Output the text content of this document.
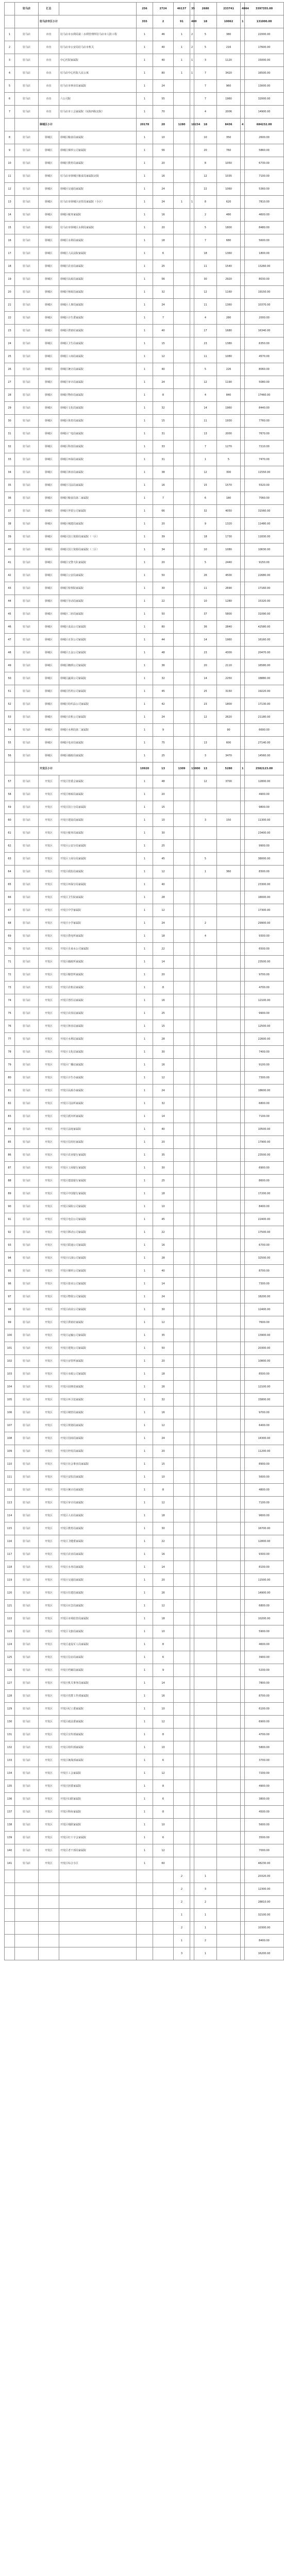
	驻马店	汇总		256	2724	46137	35	2680	233741	4864	3397355.00
		驻马店市区小计		355	2	91	400	18	10062	1	131000.00
1	驻马店	市直	驻马店市水利局第二水利管理所驻马店市人防工程	1	46	1	2	5	380		22000.00
2	驻马店	市直	驻马店市公安局驻马店市机关	1	40	1	2	5	216		17600.00
3	驻马店	市直	中心医院家属院	1	40	1	1	3	1120		15000.00
4	驻马店	市直	驻马店中心医院人民公寓	1	80	1	1	7	3420		16500.00
5	驻马店	市直	驻马店市林业局家属院	1	24			7	960		13000.00
6	驻马店	市直	六公司院	1	55			7	1960		32000.00
7	驻马店	市直	驻马店市工会家属院（东院西院北院）	1	70			4	2006		14900.00
		驿城区小计		20178	20	1280	10234	18	8436	4	684232.00
8	驻马店	驿城区	驿城区粮食局家属院	1	10			10	350		2600.00
9	驻马店	驿城区	驿城区烟草公司家属院	1	56			20	760		5860.00
10	驻马店	驿城区	驿城区教育局家属院	1	20			8	1050		6730.00
11	驻马店	驿城区	驻马店市驿城区粮食局家属院北院	1	16			12	1035		7100.00
12	驻马店	驿城区	驿城区交通局家属院	1	24			22	1060		5360.00
13	驻马店	驿城区	驻马店市驿城区房管局家属院（小区）	1	24	1	1	8	620		7810.00
14	驻马店	驿城区	驿城区税务家属院	1	16			2	480		4600.00
15	驻马店	驿城区	驻马店市驿城区水利局家属院	1	20			5	1800		8480.00
16	驻马店	驿城区	驿城区水利局家属院	1	18			7	680		5600.00
17	驻马店	驿城区	驿城区人民法院家属院	1	6			18	1360		1800.00
18	驻马店	驿城区	驿城区农业局家属院	1	25			11	1540		13260.00
19	驻马店	驿城区	驿城区民政局家属院	1	56			30	2920		8030.00
20	驻马店	驿城区	驿城区财政局家属院	1	32			12	1160		19150.00
21	驻马店	驿城区	驿城区人事局家属院	1	24			11	1360		10370.00
22	驻马店	驿城区	驿城区计生委家属院	1	7			4	280		2000.00
23	驻马店	驿城区	驿城区供销社家属院	1	40			17	1680		16340.00
24	驻马店	驿城区	驿城区卫生局家属院	1	15			23	1380		6350.00
25	驻马店	驿城区	驿城区工商局家属院	1	12			11	1080		4570.00
26	驻马店	驿城区	驿城区统计局家属院	1	40			5	226		8060.00
27	驻马店	驿城区	驿城区审计局家属院	1	24			12	1190		5080.00
28	驻马店	驿城区	驿城区物价局家属院	1	8			4	840		17460.00
29	驻马店	驿城区	驿城区文化局家属院	1	32			14	1960		8440.00
30	驻马店	驿城区	驿城区体育局家属院	1	15			11	1930		7760.00
31	驻马店	驿城区	驿城区广电局家属院	1	31			13	2000		7670.00
32	驻马店	驿城区	驿城区科技局家属院	1	33			7	1270		7210.00
33	驻马店	驿城区	驿城区环保局家属院	1	31			1	5		7470.00
34	驻马店	驿城区	驿城区林业局家属院	1	38			12	300		11550.00
35	驻马店	驿城区	驿城区司法局家属院	1	16			15	1570		5520.00
36	驻马店	驿城区	驿城区粮食局第二家属院	1	7			6	180		7060.00
37	驻马店	驿城区	驿城区外贸公司家属院	1	66			32	4050		31560.00
38	驻马店	驿城区	驿城区城建局家属院	1	20			9	1320		11480.00
39	驻马店	驿城区	驿城区国土资源局家属院（一区）	1	39			18	1730		11830.00
40	驻马店	驿城区	驿城区国土资源局家属院（二区）	1	34			10	1080		10630.00
41	驻马店	驿城区	驿城区交警大队家属院	1	20			5	2440		9150.00
42	驻马店	驿城区	驿城区公安局家属院	1	50			26	4500		22680.00
43	驻马店	驿城区	驿城区检察院家属院	1	30			11	2690		17160.00
44	驻马店	驿城区	驿城区劳动局家属院	1	22			10	1280		15320.00
45	驻马店	驿城区	驿城区二轻局家属院	1	50			37	5800		31090.00
46	驻马店	驿城区	驿城区食品公司家属院	1	80			36	2840		42580.00
47	驻马店	驿城区	驿城区百货公司家属院	1	44			14	1960		16160.00
48	驻马店	驿城区	驿城区五金公司家属院	1	48			23	4300		20470.00
49	驻马店	驿城区	驿城区糖酒公司家属院	1	36			20	2110		16580.00
50	驻马店	驿城区	驿城区蔬菜公司家属院	1	32			14	2250		18880.00
51	驻马店	驿城区	驿城区医药公司家属院	1	45			25	3150		19220.00
52	驻马店	驿城区	驿城区纺织品公司家属院	1	42			23	1800		17130.00
53	驻马店	驿城区	驿城区农机公司家属院	1	24			12	2620		21180.00
54	驻马店	驿城区	驿城区水利局第二家属院	1	9				90		6690.00
55	驻马店	驿城区	驿城区电业局家属院	1	75			13	600		27140.00
56	驻马店	驿城区	驿城区邮政局家属院	1	25			3	3470		14560.00
		开发区小计		19920	13	1309	13000	13	5280	1	2582123.00
57	驻马店	开发区	开发区管委会家属院	1	48			12	3700		12800.00
58	驻马店	开发区	开发区财政局家属院	1	20						4900.00
59	驻马店	开发区	开发区国土分局家属院	1	15						9800.00
60	驻马店	开发区	开发区建设局家属院	1	10			3	150		11300.00
61	驻马店	开发区	开发区税务局家属院	1	30						23400.00
62	驻马店	开发区	开发区公安分局家属院	1	25						9900.00
63	驻马店	开发区	开发区工商分局家属院	1	45			5			38000.00
64	驻马店	开发区	开发区质监局家属院	1	12			1	360		8300.00
65	驻马店	开发区	开发区环保分局家属院	1	40						23300.00
66	驻马店	开发区	开发区卫生院家属院	1	28						18000.00
67	驻马店	开发区	开发区中学家属院	1	12						17300.00
68	驻马店	开发区	开发区小学家属院	1	24			2			29900.00
69	驻马店	开发区	开发区供电所家属院	1	18			4			9300.00
70	驻马店	开发区	开发区自来水公司家属院	1	22						6500.00
71	驻马店	开发区	开发区邮政所家属院	1	14						23500.00
72	驻马店	开发区	开发区粮管所家属院	1	20						9700.00
73	驻马店	开发区	开发区农机站家属院	1	8						4700.00
74	驻马店	开发区	开发区兽医站家属院	1	16						12100.00
75	驻马店	开发区	开发区农技站家属院	1	25						9900.00
76	驻马店	开发区	开发区林业站家属院	1	15						12500.00
77	驻马店	开发区	开发区水利站家属院	1	28						22600.00
78	驻马店	开发区	开发区文化站家属院	1	30						7400.00
79	驻马店	开发区	开发区广播站家属院	1	16						9100.00
80	驻马店	开发区	开发区计生办家属院	1	12						7300.00
81	驻马店	开发区	开发区民政办家属院	1	24						18600.00
82	驻马店	开发区	开发区司法所家属院	1	32						6800.00
83	驻马店	开发区	开发区派出所家属院	1	14						7100.00
84	驻马店	开发区	开发区法庭家属院	1	40						10500.00
85	驻马店	开发区	开发区信用社家属院	1	20						17900.00
86	驻马店	开发区	开发区农业银行家属院	1	35						23500.00
87	驻马店	开发区	开发区工商银行家属院	1	30						6900.00
88	驻马店	开发区	开发区建设银行家属院	1	25						8600.00
89	驻马店	开发区	开发区中国银行家属院	1	18						17200.00
90	驻马店	开发区	开发区保险公司家属院	1	10						8400.00
91	驻马店	开发区	开发区电信公司家属院	1	45						22400.00
92	驻马店	开发区	开发区移动公司家属院	1	22						17500.00
93	驻马店	开发区	开发区联通公司家属院	1	16						6700.00
94	驻马店	开发区	开发区石油公司家属院	1	28						32500.00
95	驻马店	开发区	开发区烟草公司家属院	1	40						8700.00
96	驻马店	开发区	开发区盐业公司家属院	1	14						7300.00
97	驻马店	开发区	开发区物资公司家属院	1	24						18200.00
98	驻马店	开发区	开发区商业公司家属院	1	30						12400.00
99	驻马店	开发区	开发区供销社家属院	1	12						7600.00
100	驻马店	开发区	开发区运输公司家属院	1	35						13900.00
101	驻马店	开发区	开发区建筑公司家属院	1	50						20300.00
102	驻马店	开发区	开发区房管所家属院	1	20						10800.00
103	驻马店	开发区	开发区市政公司家属院	1	18						8500.00
104	驻马店	开发区	开发区园林处家属院	1	26						12100.00
105	驻马店	开发区	开发区环卫处家属院	1	32						15800.00
106	驻马店	开发区	开发区城管局家属院	1	16						9700.00
107	驻马店	开发区	开发区规划局家属院	1	12						6400.00
108	驻马店	开发区	开发区招商局家属院	1	24						14300.00
109	驻马店	开发区	开发区经发局家属院	1	20						11200.00
110	驻马店	开发区	开发区社会事业局家属院	1	15						8900.00
111	驻马店	开发区	开发区安监局家属院	1	10						5600.00
112	驻马店	开发区	开发区统计局家属院	1	8						4800.00
113	驻马店	开发区	开发区审计局家属院	1	12						7100.00
114	驻马店	开发区	开发区人社局家属院	1	18						9600.00
115	驻马店	开发区	开发区教育局家属院	1	30						16700.00
116	驻马店	开发区	开发区卫健委家属院	1	22						12800.00
117	驻马店	开发区	开发区农业局家属院	1	16						9300.00
118	驻马店	开发区	开发区水务局家属院	1	14						8100.00
119	驻马店	开发区	开发区交通局家属院	1	20						11500.00
120	驻马店	开发区	开发区住建局家属院	1	26						14900.00
121	驻马店	开发区	开发区应急局家属院	1	12						6800.00
122	驻马店	开发区	开发区市场监管局家属院	1	18						10200.00
123	驻马店	开发区	开发区文旅局家属院	1	10						5900.00
124	驻马店	开发区	开发区退役军人局家属院	1	8						4600.00
125	驻马店	开发区	开发区信访局家属院	1	6						3900.00
126	驻马店	开发区	开发区档案局家属院	1	9						5200.00
127	驻马店	开发区	开发区机关事务局家属院	1	14						7800.00
128	驻马店	开发区	开发区党群工作部家属院	1	16						8700.00
129	驻马店	开发区	开发区纪工委家属院	1	10						6100.00
130	驻马店	开发区	开发区政法委家属院	1	12						6900.00
131	驻马店	开发区	开发区宣传部家属院	1	8						4700.00
132	驻马店	开发区	开发区组织部家属院	1	10						5800.00
133	驻马店	开发区	开发区统战部家属院	1	6						3700.00
134	驻马店	开发区	开发区工会家属院	1	12						7200.00
135	驻马店	开发区	开发区团委家属院	1	8						4900.00
136	驻马店	开发区	开发区妇联家属院	1	6						3800.00
137	驻马店	开发区	开发区科协家属院	1	8						4500.00
138	驻马店	开发区	开发区残联家属院	1	10						5600.00
139	驻马店	开发区	开发区红十字会家属院	1	6						3500.00
140	驻马店	开发区	开发区老干部局家属院	1	12						7000.00
141	驻马店	开发区	开发区综合小区	1	60						48230.00
						2		1			20320.00
						2		3			12300.00
						2		2			28810.00
						1		1			32100.00
						2		1			10300.00
						1		2			8400.00
						3		1			16200.00
